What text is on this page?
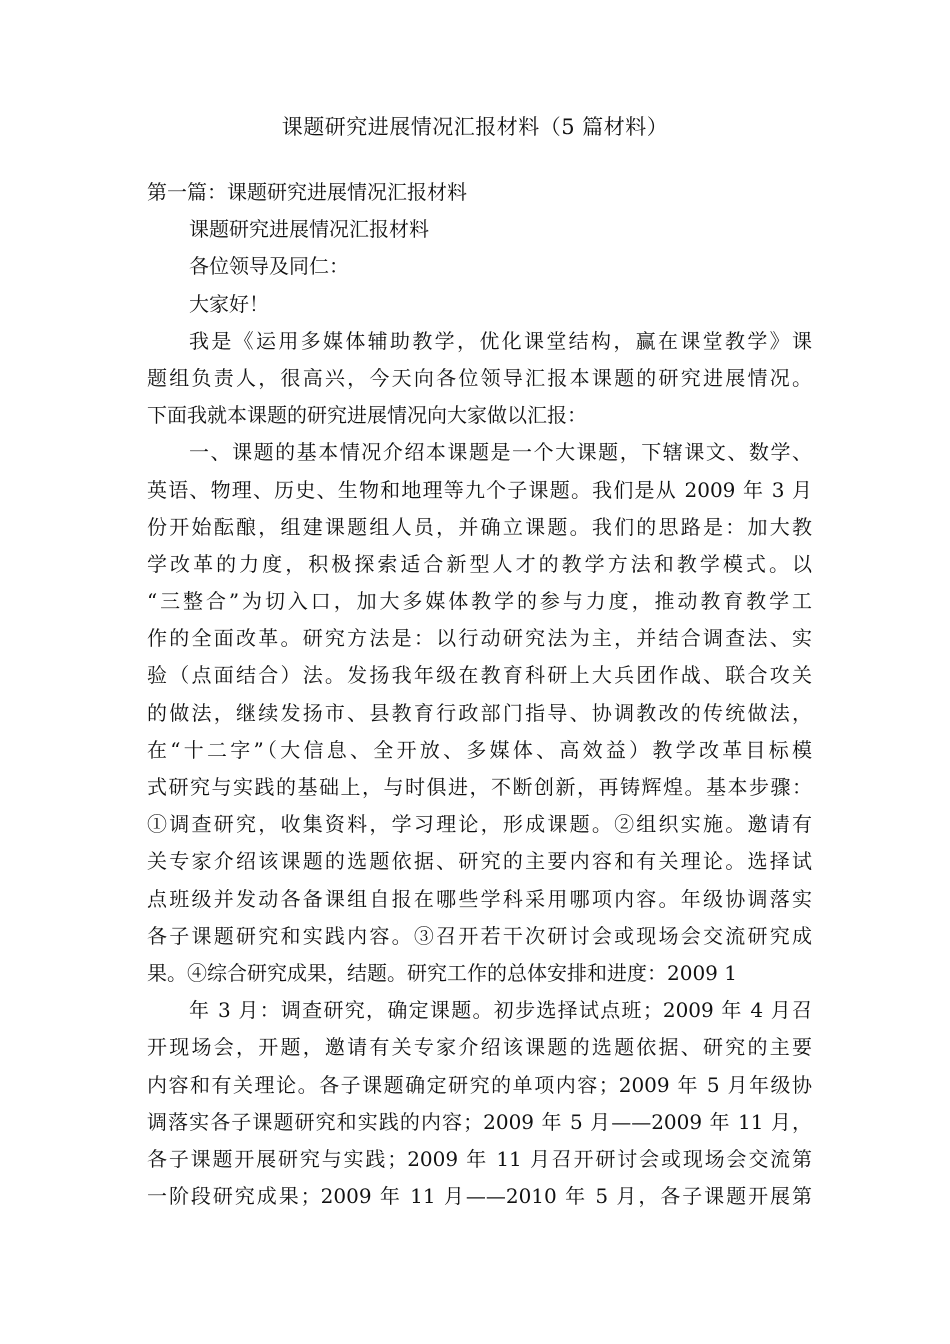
课题研究进展情况汇报材料（5 篇材料）
第一篇：课题研究进展情况汇报材料
课题研究进展情况汇报材料
各位领导及同仁：
大家好！
我是《运用多媒体辅助教学，优化课堂结构，赢在课堂教学》课
题组负责人，很高兴，今天向各位领导汇报本课题的研究进展情况。
下面我就本课题的研究进展情况向大家做以汇报：
一、课题的基本情况介绍本课题是一个大课题，下辖课文、数学、
英语、物理、历史、生物和地理等九个子课题。我们是从 2009 年 3 月
份开始酝酿，组建课题组人员，并确立课题。我们的思路是：加大教
学改革的力度，积极探索适合新型人才的教学方法和教学模式。以
“三整合”为切入口，加大多媒体教学的参与力度，推动教育教学工
作的全面改革。研究方法是：以行动研究法为主，并结合调查法、实
验（点面结合）法。发扬我年级在教育科研上大兵团作战、联合攻关
的做法，继续发扬市、县教育行政部门指导、协调教改的传统做法，
在“十二字”（大信息、全开放、多媒体、高效益）教学改革目标模
式研究与实践的基础上，与时俱进，不断创新，再铸辉煌。基本步骤：
①调查研究，收集资料，学习理论，形成课题。②组织实施。邀请有
关专家介绍该课题的选题依据、研究的主要内容和有关理论。选择试
点班级并发动各备课组自报在哪些学科采用哪项内容。年级协调落实
各子课题研究和实践内容。③召开若干次研讨会或现场会交流研究成
果。④综合研究成果，结题。研究工作的总体安排和进度：2009 1
年 3 月：调查研究，确定课题。初步选择试点班；2009 年 4 月召
开现场会，开题，邀请有关专家介绍该课题的选题依据、研究的主要
内容和有关理论。各子课题确定研究的单项内容；2009 年 5 月年级协
调落实各子课题研究和实践的内容；2009 年 5 月——2009 年 11 月，
各子课题开展研究与实践；2009 年 11 月召开研讨会或现场会交流第
一阶段研究成果；2009 年 11 月——2010 年 5 月，各子课题开展第
